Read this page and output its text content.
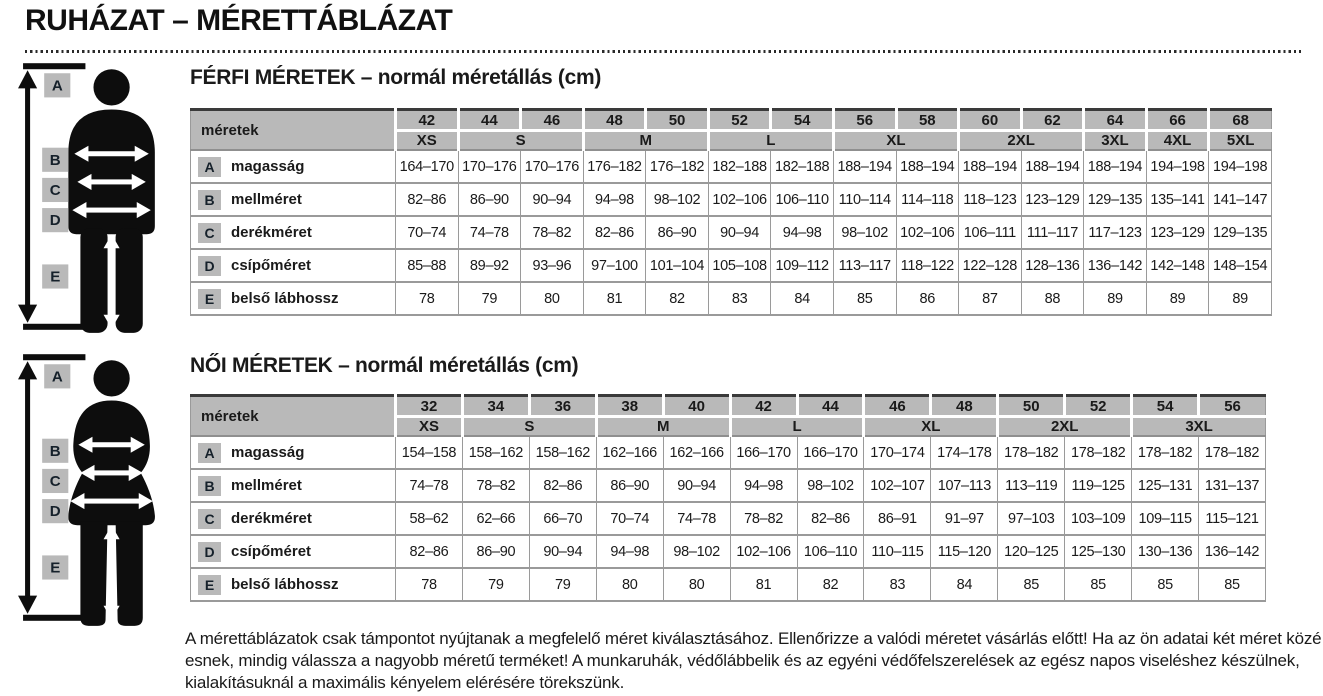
RUHÁZAT – MÉRETTÁBLÁZAT
A
B
C
D
E
A
B
C
D
E
FÉRFI MÉRETEK – normál méretállás (cm)
méretek	42	44	46	48	50	52	54	56	58	60	62	64	66	68
	XS	S		M		L		XL		2XL		3XL	4XL	5XL
A magasság	164–170	170–176	170–176	176–182	176–182	182–188	182–188	188–194	188–194	188–194	188–194	188–194	194–198	194–198
B mellméret	82–86	86–90	90–94	94–98	98–102	102–106	106–110	110–114	114–118	118–123	123–129	129–135	135–141	141–147
C derékméret	70–74	74–78	78–82	82–86	86–90	90–94	94–98	98–102	102–106	106–111	111–117	117–123	123–129	129–135
D csípőméret	85–88	89–92	93–96	97–100	101–104	105–108	109–112	113–117	118–122	122–128	128–136	136–142	142–148	148–154
E belső lábhossz	78	79	80	81	82	83	84	85	86	87	88	89	89	89
NŐI MÉRETEK – normál méretállás (cm)
méretek	32	34	36	38	40	42	44	46	48	50	52	54	56
	XS	S		M		L		XL		2XL		3XL	
A magasság	154–158	158–162	158–162	162–166	162–166	166–170	166–170	170–174	174–178	178–182	178–182	178–182	178–182
B mellméret	74–78	78–82	82–86	86–90	90–94	94–98	98–102	102–107	107–113	113–119	119–125	125–131	131–137
C derékméret	58–62	62–66	66–70	70–74	74–78	78–82	82–86	86–91	91–97	97–103	103–109	109–115	115–121
D csípőméret	82–86	86–90	90–94	94–98	98–102	102–106	106–110	110–115	115–120	120–125	125–130	130–136	136–142
E belső lábhossz	78	79	79	80	80	81	82	83	84	85	85	85	85

A mérettáblázatok csak támpontot nyújtanak a megfelelő méret kiválasztásához. Ellenőrizze a valódi méretet vásárlás előtt! Ha az ön adatai két méret közé esnek, mindig válassza a nagyobb méretű terméket! A munkaruhák, védőlábbelik és az egyéni védőfelszerelések az egész napos viseléshez készülnek, kialakításuknál a maximális kényelem elérésére törekszünk.
